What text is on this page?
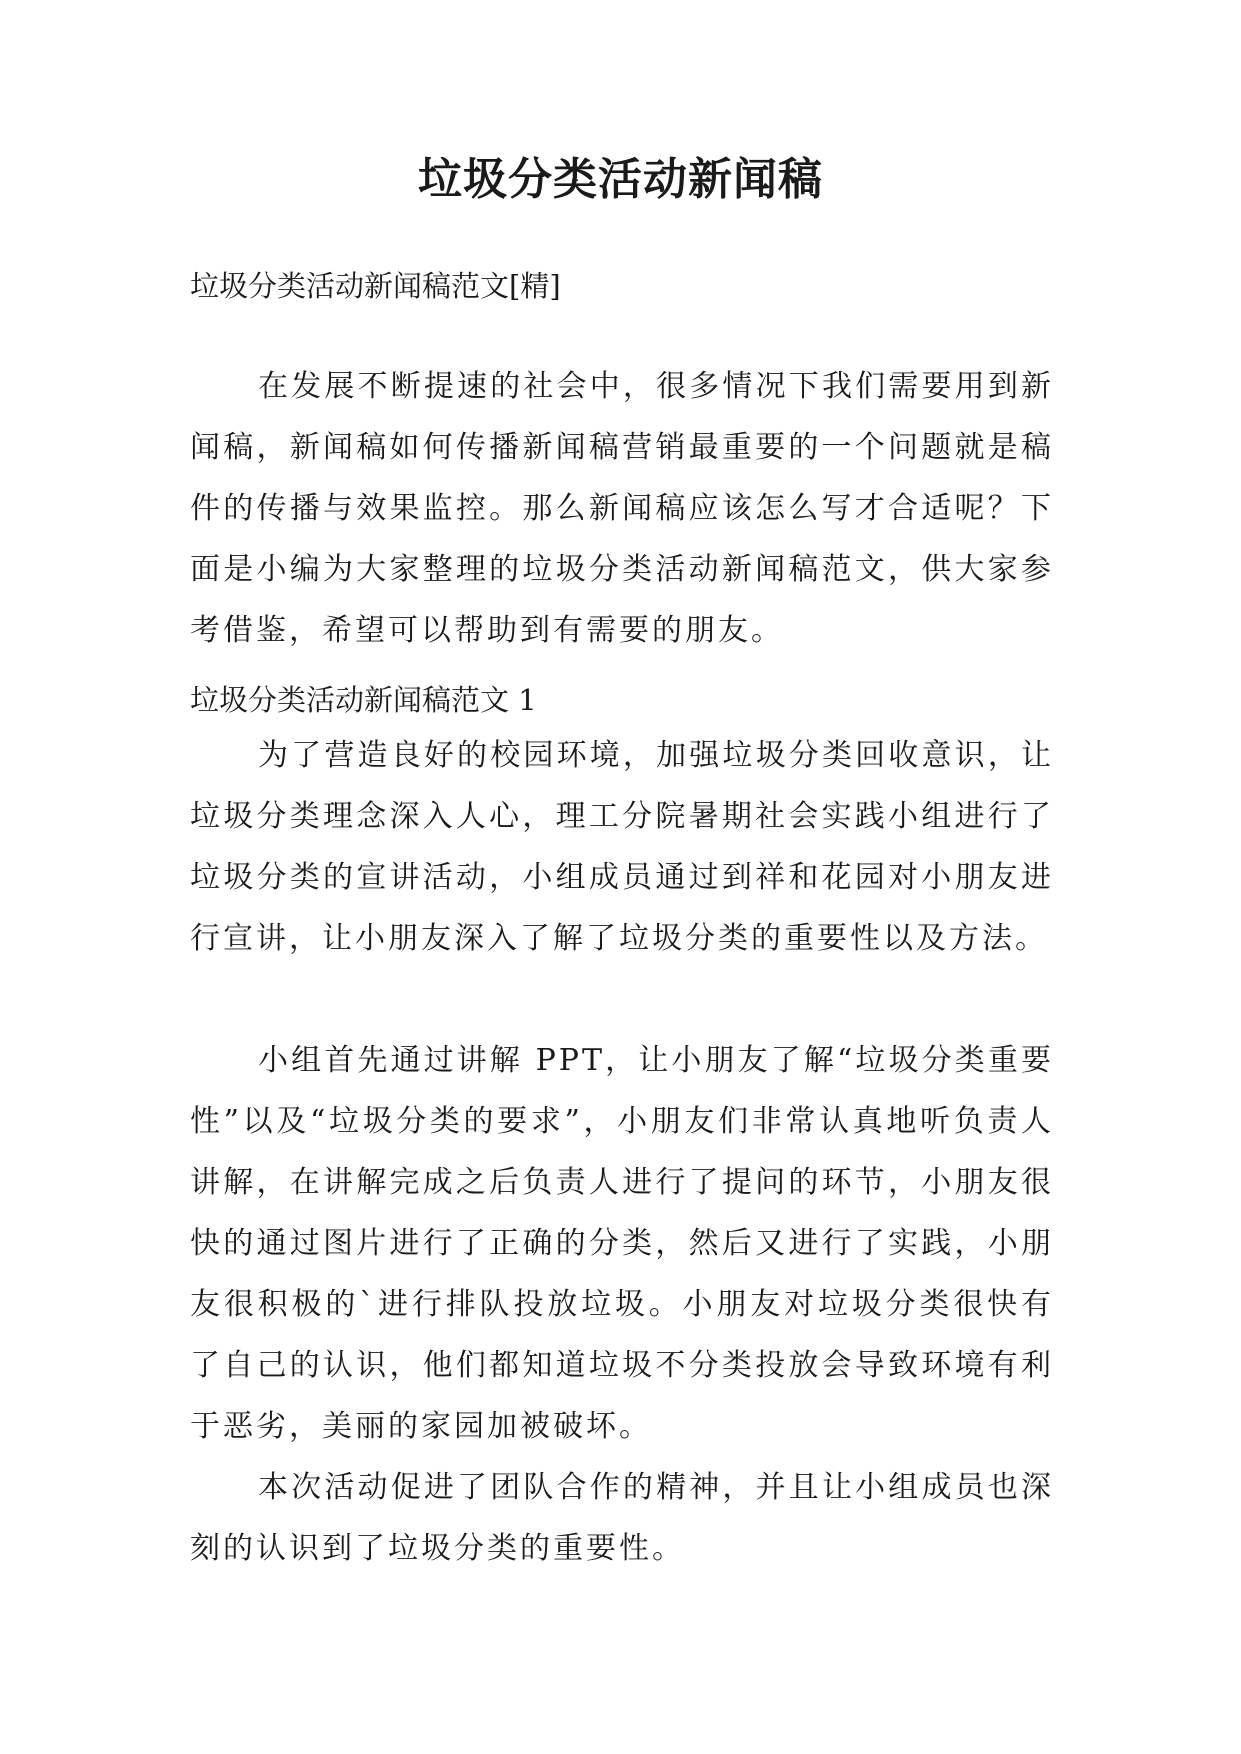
垃圾分类活动新闻稿

垃圾分类活动新闻稿范文[精]

在发展不断提速的社会中，很多情况下我们需要用到新闻稿，新闻稿如何传播新闻稿营销最重要的一个问题就是稿件的传播与效果监控。那么新闻稿应该怎么写才合适呢？下面是小编为大家整理的垃圾分类活动新闻稿范文，供大家参考借鉴，希望可以帮助到有需要的朋友。

垃圾分类活动新闻稿范文 1

为了营造良好的校园环境，加强垃圾分类回收意识，让垃圾分类理念深入人心，理工分院暑期社会实践小组进行了垃圾分类的宣讲活动，小组成员通过到祥和花园对小朋友进行宣讲，让小朋友深入了解了垃圾分类的重要性以及方法。

小组首先通过讲解 PPT，让小朋友了解“垃圾分类重要性”以及“垃圾分类的要求”，小朋友们非常认真地听负责人讲解，在讲解完成之后负责人进行了提问的环节，小朋友很快的通过图片进行了正确的分类，然后又进行了实践，小朋友很积极的`进行排队投放垃圾。小朋友对垃圾分类很快有了自己的认识，他们都知道垃圾不分类投放会导致环境有利于恶劣，美丽的家园加被破坏。

本次活动促进了团队合作的精神，并且让小组成员也深刻的认识到了垃圾分类的重要性。
